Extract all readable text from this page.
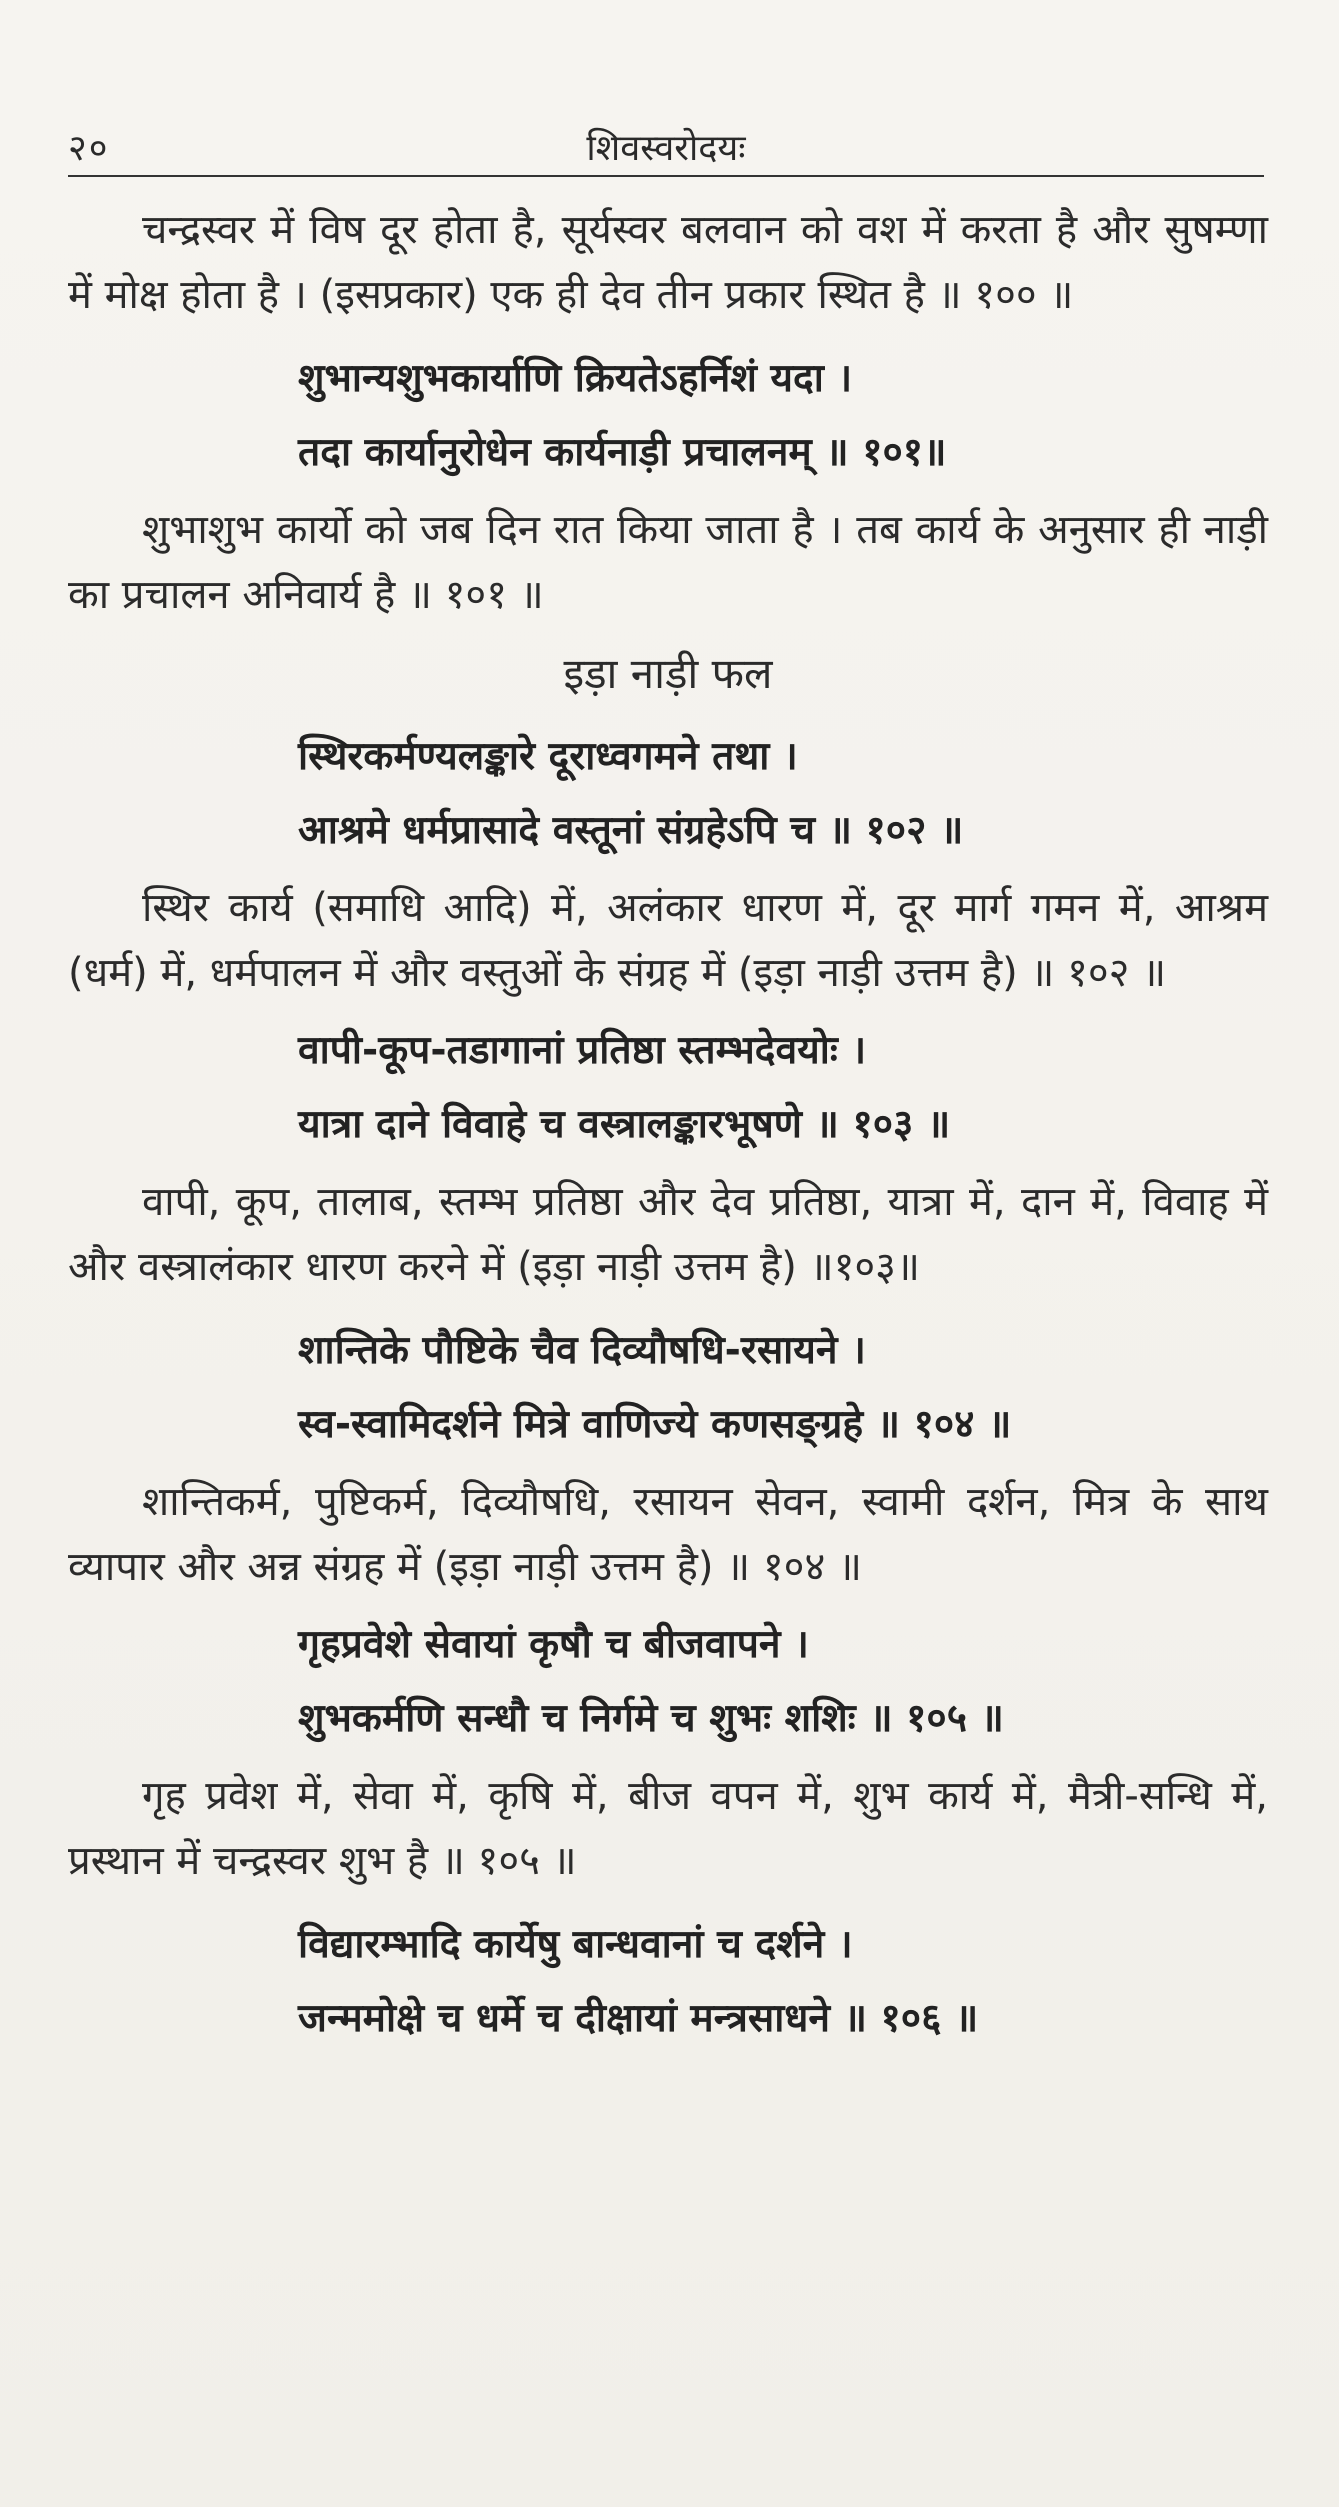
२०	शिवस्वरोदयः

चन्द्रस्वर में विष दूर होता है, सूर्यस्वर बलवान को वश में करता है और सुषम्णा में मोक्ष होता है । (इसप्रकार) एक ही देव तीन प्रकार स्थित है ॥ १०० ॥

शुभान्यशुभकार्याणि क्रियतेऽहर्निशं यदा ।

तदा कार्यानुरोधेन कार्यनाड़ी प्रचालनम् ॥ १०१॥

शुभाशुभ कार्यो को जब दिन रात किया जाता है । तब कार्य के अनुसार ही नाड़ी का प्रचालन अनिवार्य है ॥ १०१ ॥

इड़ा नाड़ी फल

स्थिरकर्मण्यलङ्कारे दूराध्वगमने तथा ।

आश्रमे धर्मप्रासादे वस्तूनां संग्रहेऽपि च ॥ १०२ ॥

स्थिर कार्य (समाधि आदि) में, अलंकार धारण में, दूर मार्ग गमन में, आश्रम (धर्म) में, धर्मपालन में और वस्तुओं के संग्रह में (इड़ा नाड़ी उत्तम है) ॥ १०२ ॥

वापी-कूप-तडागानां प्रतिष्ठा स्तम्भदेवयोः ।

यात्रा दाने विवाहे च वस्त्रालङ्कारभूषणे ॥ १०३ ॥

वापी, कूप, तालाब, स्तम्भ प्रतिष्ठा और देव प्रतिष्ठा, यात्रा में, दान में, विवाह में और वस्त्रालंकार धारण करने में (इड़ा नाड़ी उत्तम है) ॥१०३॥

शान्तिके पौष्टिके चैव दिव्यौषधि-रसायने ।

स्व-स्वामिदर्शने मित्रे वाणिज्ये कणसङ्ग्रहे ॥ १०४ ॥

शान्तिकर्म, पुष्टिकर्म, दिव्यौषधि, रसायन सेवन, स्वामी दर्शन, मित्र के साथ व्यापार और अन्न संग्रह में (इड़ा नाड़ी उत्तम है) ॥ १०४ ॥

गृहप्रवेशे सेवायां कृषौ च बीजवापने ।

शुभकर्मणि सन्धौ च निर्गमे च शुभः शशिः ॥ १०५ ॥

गृह प्रवेश में, सेवा में, कृषि में, बीज वपन में, शुभ कार्य में, मैत्री-सन्धि में, प्रस्थान में चन्द्रस्वर शुभ है ॥ १०५ ॥

विद्यारम्भादि कार्येषु बान्धवानां च दर्शने ।

जन्ममोक्षे च धर्मे च दीक्षायां मन्त्रसाधने ॥ १०६ ॥
